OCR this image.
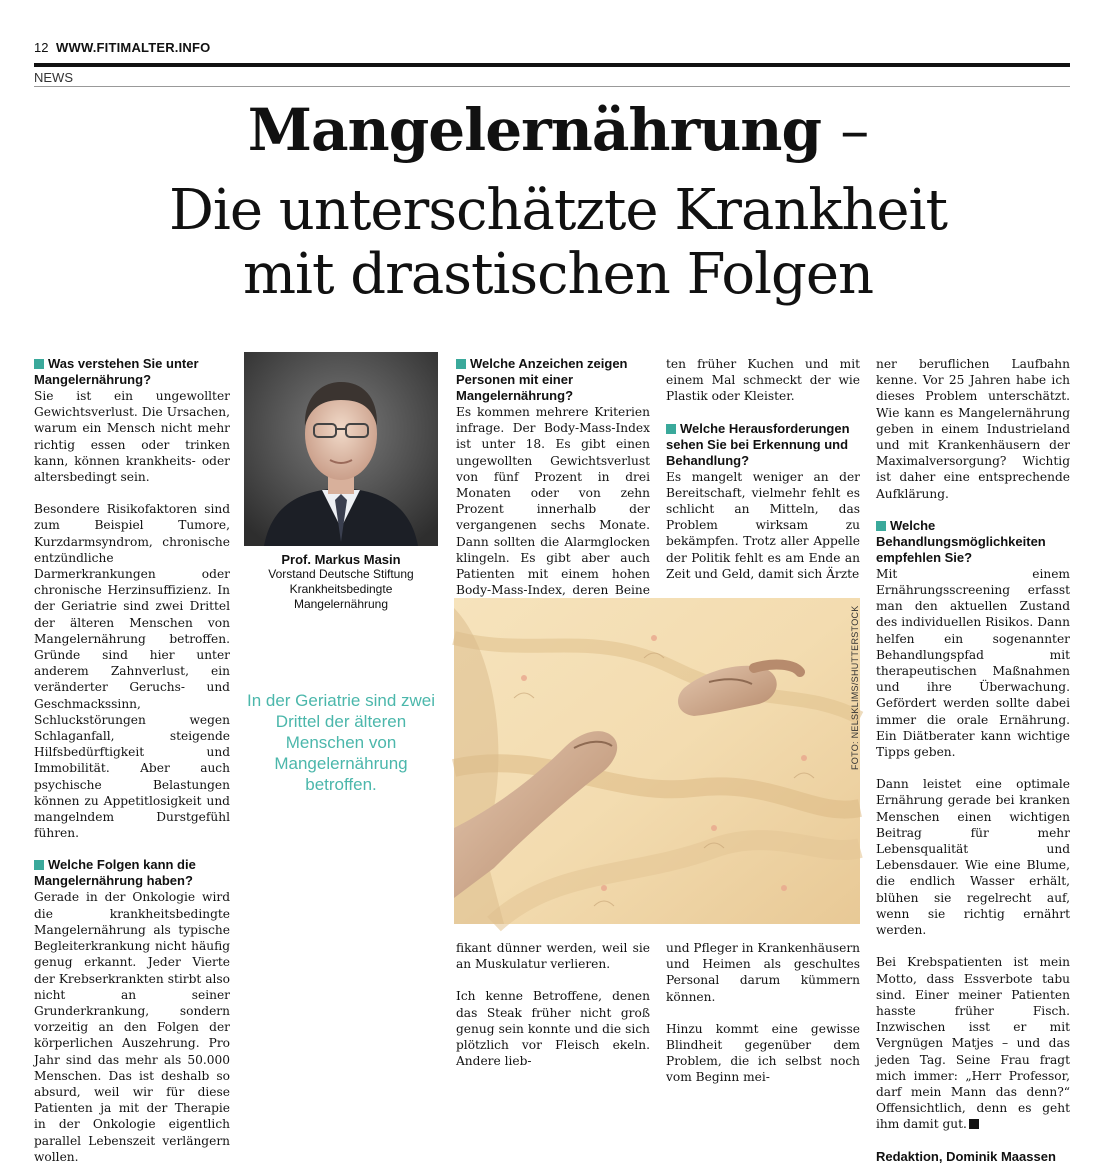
12 WWW.FITIMALTER.INFO
NEWS
Mangelernährung –
Die unterschätzte Krankheit
mit drastischen Folgen
Was verstehen Sie unter Mangelernährung?

Sie ist ein ungewollter Gewichtsverlust. Die Ursachen, warum ein Mensch nicht mehr richtig essen oder trinken kann, können krankheits- oder altersbedingt sein.

Besondere Risikofaktoren sind zum Beispiel Tumore, Kurzdarmsyndrom, chronische entzündliche Darmerkrankungen oder chronische Herzinsuffizienz. In der Geriatrie sind zwei Drittel der älteren Menschen von Mangelernährung betroffen. Gründe sind hier unter anderem Zahnverlust, ein veränderter Geruchs- und Geschmackssinn, Schluckstörungen wegen Schlaganfall, steigende Hilfsbedürftigkeit und Immobilität. Aber auch psychische Belastungen können zu Appetitlosigkeit und mangelndem Durstgefühl führen.

Welche Folgen kann die Mangelernährung haben?

Gerade in der Onkologie wird die krankheitsbedingte Mangelernährung als typische Begleiterkrankung nicht häufig genug erkannt. Jeder Vierte der Krebserkrankten stirbt also nicht an seiner Grunderkrankung, sondern vorzeitig an den Folgen der körperlichen Auszehrung. Pro Jahr sind das mehr als 50.000 Menschen. Das ist deshalb so absurd, weil wir für diese Patienten ja mit der Therapie in der Onkologie eigentlich parallel Lebenszeit verlängern wollen.

Prof. Markus Masin
Vorstand Deutsche Stiftung
Krankheitsbedingte
Mangelernährung
In der Geriatrie sind zwei Drittel der älteren Menschen von Mangelernährung betroffen.
Welche Anzeichen zeigen Personen mit einer Mangelernährung?

Es kommen mehrere Kriterien infrage. Der Body-Mass-Index ist unter 18. Es gibt einen ungewollten Gewichtsverlust von fünf Prozent in drei Monaten oder von zehn Prozent innerhalb der vergangenen sechs Monate. Dann sollten die Alarmglocken klingeln. Es gibt aber auch Patienten mit einem hohen Body-Mass-Index, deren Beine

ten früher Kuchen und mit einem Mal schmeckt der wie Plastik oder Kleister.

Welche Herausforderungen sehen Sie bei Erkennung und Behandlung?

Es mangelt weniger an der Bereitschaft, vielmehr fehlt es schlicht an Mitteln, das Problem wirksam zu bekämpfen. Trotz aller Appelle der Politik fehlt es am Ende an Zeit und Geld, damit sich Ärzte

FOTO: NELSKLIMS/SHUTTERSTOCK

fikant dünner werden, weil sie an Muskulatur verlieren.

Ich kenne Betroffene, denen das Steak früher nicht groß genug sein konnte und die sich plötzlich vor Fleisch ekeln. Andere lieb-

und Pfleger in Krankenhäusern und Heimen als geschultes Personal darum kümmern können.

Hinzu kommt eine gewisse Blindheit gegenüber dem Problem, die ich selbst noch vom Beginn mei-

ner beruflichen Laufbahn kenne. Vor 25 Jahren habe ich dieses Problem unterschätzt. Wie kann es Mangelernährung geben in einem Industrieland und mit Krankenhäusern der Maximalversorgung? Wichtig ist daher eine entsprechende Aufklärung.

Welche Behandlungsmöglichkeiten empfehlen Sie?

Mit einem Ernährungsscreening erfasst man den aktuellen Zustand des individuellen Risikos. Dann helfen ein sogenannter Behandlungspfad mit therapeutischen Maßnahmen und ihre Überwachung. Gefördert werden sollte dabei immer die orale Ernährung. Ein Diätberater kann wichtige Tipps geben.

Dann leistet eine optimale Ernährung gerade bei kranken Menschen einen wichtigen Beitrag für mehr Lebensqualität und Lebensdauer. Wie eine Blume, die endlich Wasser erhält, blühen sie regelrecht auf, wenn sie richtig ernährt werden.

Bei Krebspatienten ist mein Motto, dass Essverbote tabu sind. Einer meiner Patienten hasste früher Fisch. Inzwischen isst er mit Vergnügen Matjes – und das jeden Tag. Seine Frau fragt mich immer: „Herr Professor, darf mein Mann das denn?“ Offensichtlich, denn es geht ihm damit gut.

Redaktion, Dominik Maassen
